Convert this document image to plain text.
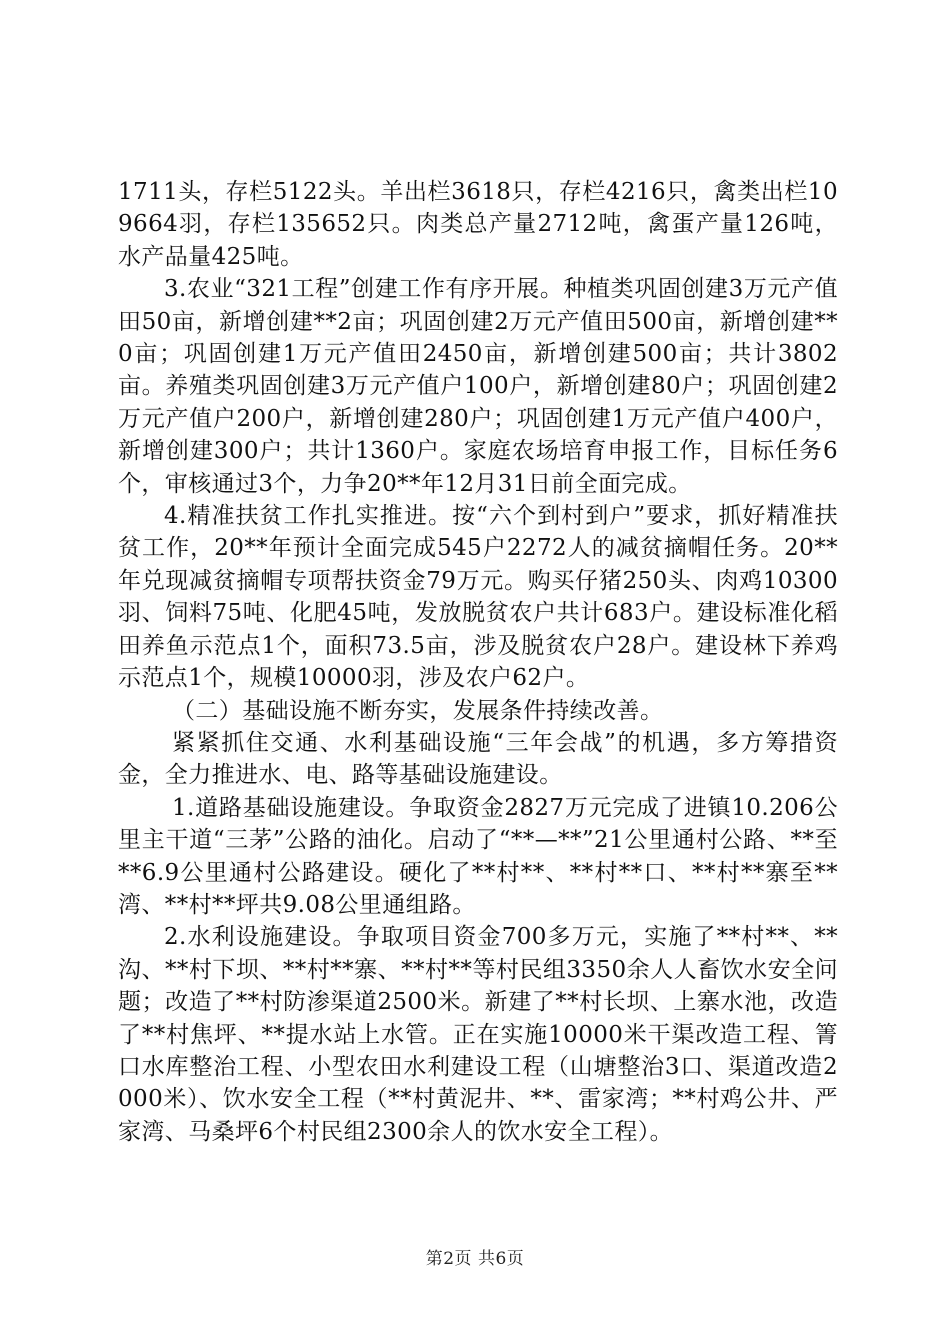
1711头，存栏5122头。羊出栏3618只，存栏4216只，禽类出栏109664羽，存栏135652只。肉类总产量2712吨，禽蛋产量126吨，水产品量425吨。

3.农业“321工程”创建工作有序开展。种植类巩固创建3万元产值田50亩，新增创建**2亩；巩固创建2万元产值田500亩，新增创建**0亩；巩固创建1万元产值田2450亩，新增创建500亩；共计3802亩。养殖类巩固创建3万元产值户100户，新增创建80户；巩固创建2万元产值户200户，新增创建280户；巩固创建1万元产值户400户，新增创建300户；共计1360户。家庭农场培育申报工作，目标任务6个，审核通过3个，力争20**年12月31日前全面完成。

4.精准扶贫工作扎实推进。按“六个到村到户”要求，抓好精准扶贫工作，20**年预计全面完成545户2272人的减贫摘帽任务。20**年兑现减贫摘帽专项帮扶资金79万元。购买仔猪250头、肉鸡10300羽、饲料75吨、化肥45吨，发放脱贫农户共计683户。建设标准化稻田养鱼示范点1个，面积73.5亩，涉及脱贫农户28户。建设林下养鸡示范点1个，规模10000羽，涉及农户62户。

（二）基础设施不断夯实，发展条件持续改善。

紧紧抓住交通、水利基础设施“三年会战”的机遇，多方筹措资金，全力推进水、电、路等基础设施建设。

1.道路基础设施建设。争取资金2827万元完成了进镇10.206公里主干道“三茅”公路的油化。启动了“**—**”21公里通村公路、**至**6.9公里通村公路建设。硬化了**村**、**村**口、**村**寨至**湾、**村**坪共9.08公里通组路。

2.水利设施建设。争取项目资金700多万元，实施了**村**、**沟、**村下坝、**村**寨、**村**等村民组3350余人人畜饮水安全问题；改造了**村防渗渠道2500米。新建了**村长坝、上寨水池，改造了**村焦坪、**提水站上水管。正在实施10000米干渠改造工程、箐口水库整治工程、小型农田水利建设工程（山塘整治3口、渠道改造2000米）、饮水安全工程（**村黄泥井、**、雷家湾；**村鸡公井、严家湾、马桑坪6个村民组2300余人的饮水安全工程）。

第2页 共6页
